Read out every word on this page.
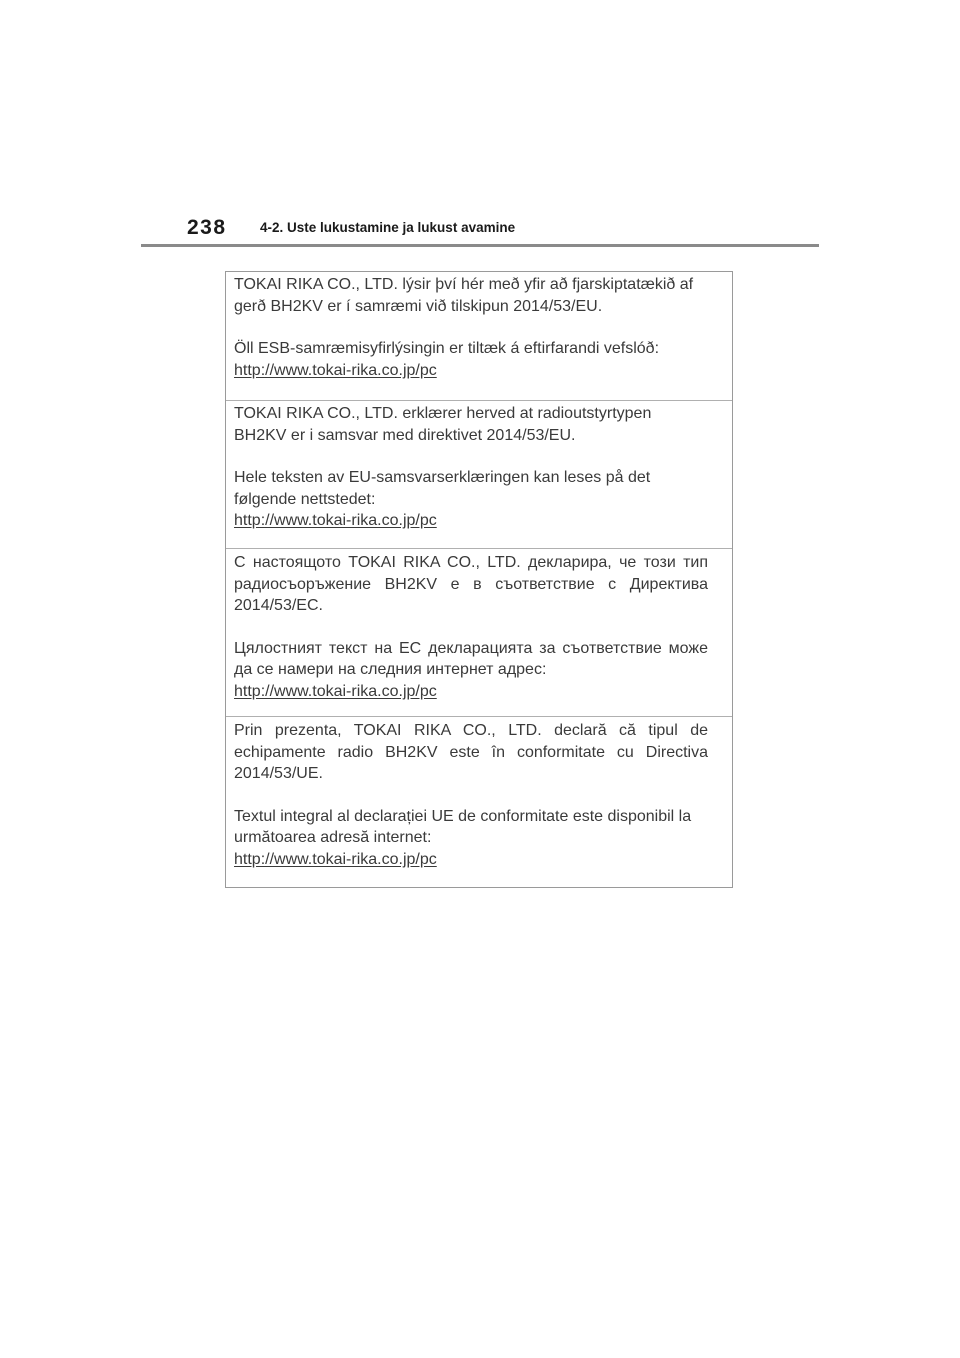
238 4-2. Uste lukustamine ja lukust avamine

TOKAI RIKA CO., LTD. lýsir því hér með yfir að fjarskiptatækið af gerð BH2KV er í samræmi við tilskipun 2014/53/EU.

Öll ESB-samræmisyfirlýsingin er tiltæk á eftirfarandi vefslóð:

http://www.tokai-rika.co.jp/pc

TOKAI RIKA CO., LTD. erklærer herved at radioutstyrtypen BH2KV er i samsvar med direktivet 2014/53/EU.

Hele teksten av EU-samsvarserklæringen kan leses på det følgende nettstedet:

http://www.tokai-rika.co.jp/pc

С настоящото TOKAI RIKA CO., LTD. декларира, че този тип радиосъоръжение BH2KV е в съответствие с Директива 2014/53/ЕС.

Цялостният текст на ЕС декларацията за съответствие може да се намери на следния интернет адрес:

http://www.tokai-rika.co.jp/pc

Prin prezenta, TOKAI RIKA CO., LTD. declară că tipul de echipamente radio BH2KV este în conformitate cu Directiva 2014/53/UE.

Textul integral al declarației UE de conformitate este disponibil la următoarea adresă internet:

http://www.tokai-rika.co.jp/pc
